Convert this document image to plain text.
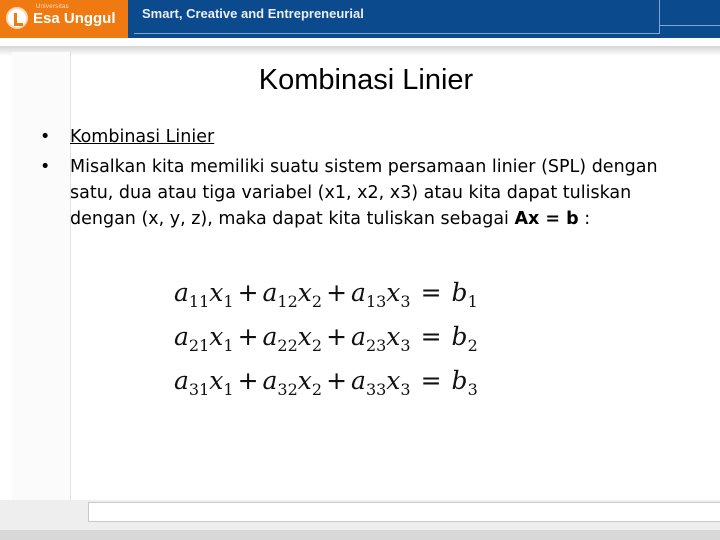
Universitas
Esa Unggul Smart, Creative and Entrepreneurial
Kombinasi Linier
•	Kombinasi Linier
•	Misalkan kita memiliki suatu sistem persamaan linier (SPL) dengan satu, dua atau tiga variabel (x1, x2, x3) atau kita dapat tuliskan dengan (x, y, z), maka dapat kita tuliskan sebagai Ax = b :
$a_{11}x_1 + a_{12}x_2 + a_{13}x_3 = b_1$
$a_{21}x_1 + a_{22}x_2 + a_{23}x_3 = b_2$
$a_{31}x_1 + a_{32}x_2 + a_{33}x_3 = b_3$
